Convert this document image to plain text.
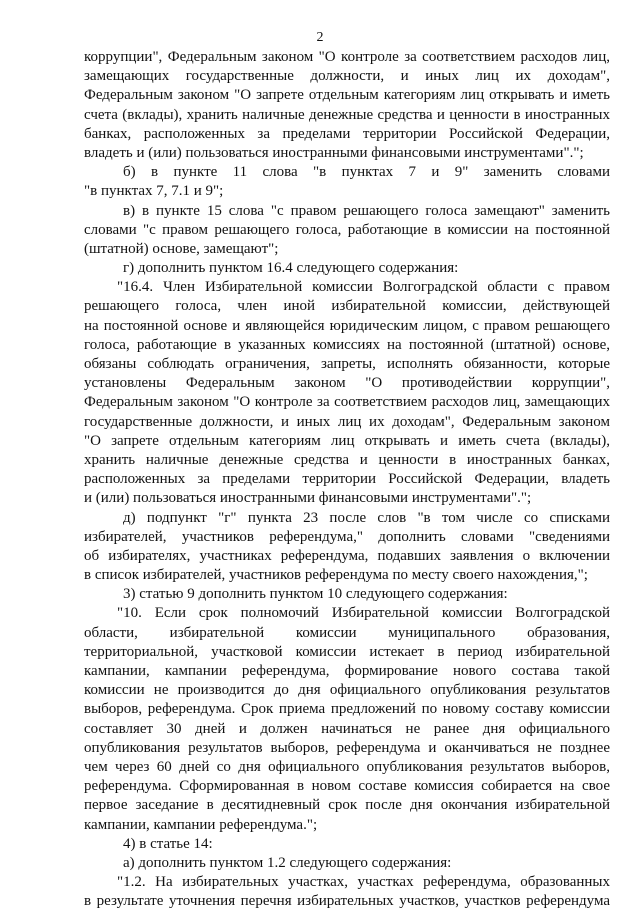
2
коррупции", Федеральным законом "О контроле за соответствием расходов лиц,
замещающих государственные должности, и иных лиц их доходам",
Федеральным законом "О запрете отдельным категориям лиц открывать и иметь
счета (вклады), хранить наличные денежные средства и ценности в иностранных
банках, расположенных за пределами территории Российской Федерации,
владеть и (или) пользоваться иностранными финансовыми инструментами".";
б) в пункте 11 слова "в пунктах 7 и 9" заменить словами
"в пунктах 7, 7.1 и 9";
в) в пункте 15 слова "с правом решающего голоса замещают" заменить
словами "с правом решающего голоса, работающие в комиссии на постоянной
(штатной) основе, замещают";
г) дополнить пунктом 16.4 следующего содержания:
"16.4. Член Избирательной комиссии Волгоградской области с правом
решающего голоса, член иной избирательной комиссии, действующей
на постоянной основе и являющейся юридическим лицом, с правом решающего
голоса, работающие в указанных комиссиях на постоянной (штатной) основе,
обязаны соблюдать ограничения, запреты, исполнять обязанности, которые
установлены Федеральным законом "О противодействии коррупции",
Федеральным законом "О контроле за соответствием расходов лиц, замещающих
государственные должности, и иных лиц их доходам", Федеральным законом
"О запрете отдельным категориям лиц открывать и иметь счета (вклады),
хранить наличные денежные средства и ценности в иностранных банках,
расположенных за пределами территории Российской Федерации, владеть
и (или) пользоваться иностранными финансовыми инструментами".";
д) подпункт "г" пункта 23 после слов "в том числе со списками
избирателей, участников референдума," дополнить словами "сведениями
об избирателях, участниках референдума, подавших заявления о включении
в список избирателей, участников референдума по месту своего нахождения,";
3) статью 9 дополнить пунктом 10 следующего содержания:
"10. Если срок полномочий Избирательной комиссии Волгоградской
области, избирательной комиссии муниципального образования,
территориальной, участковой комиссии истекает в период избирательной
кампании, кампании референдума, формирование нового состава такой
комиссии не производится до дня официального опубликования результатов
выборов, референдума. Срок приема предложений по новому составу комиссии
составляет 30 дней и должен начинаться не ранее дня официального
опубликования результатов выборов, референдума и оканчиваться не позднее
чем через 60 дней со дня официального опубликования результатов выборов,
референдума. Сформированная в новом составе комиссия собирается на свое
первое заседание в десятидневный срок после дня окончания избирательной
кампании, кампании референдума.";
4) в статье 14:
а) дополнить пунктом 1.2 следующего содержания:
"1.2. На избирательных участках, участках референдума, образованных
в результате уточнения перечня избирательных участков, участков референдума
